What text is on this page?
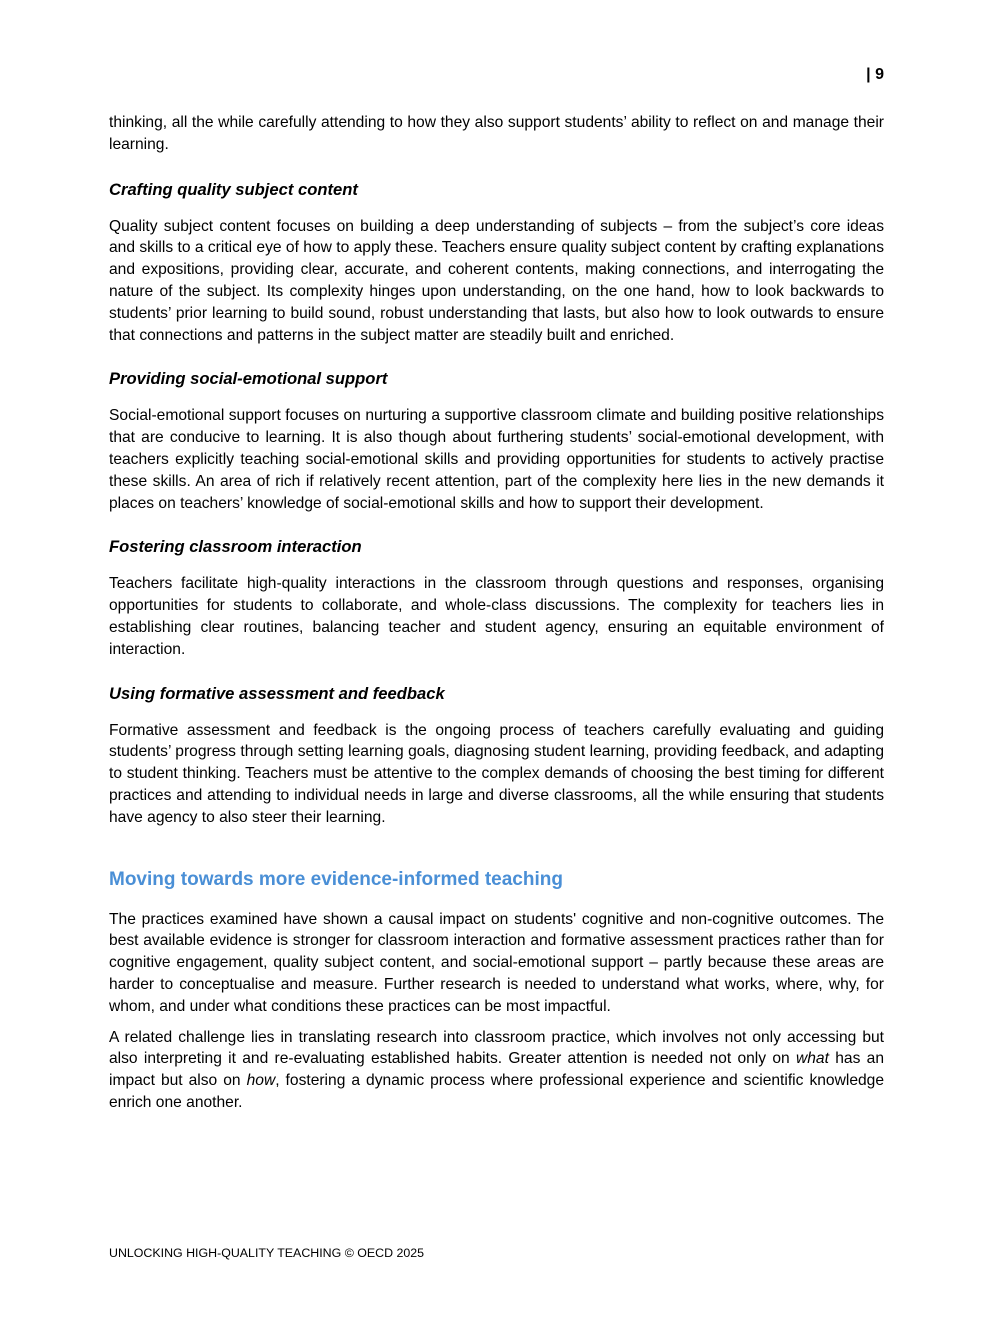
| 9

thinking, all the while carefully attending to how they also support students’ ability to reflect on and manage their learning.

Crafting quality subject content

Quality subject content focuses on building a deep understanding of subjects – from the subject’s core ideas and skills to a critical eye of how to apply these. Teachers ensure quality subject content by crafting explanations and expositions, providing clear, accurate, and coherent contents, making connections, and interrogating the nature of the subject. Its complexity hinges upon understanding, on the one hand, how to look backwards to students’ prior learning to build sound, robust understanding that lasts, but also how to look outwards to ensure that connections and patterns in the subject matter are steadily built and enriched.

Providing social-emotional support

Social-emotional support focuses on nurturing a supportive classroom climate and building positive relationships that are conducive to learning. It is also though about furthering students’ social-emotional development, with teachers explicitly teaching social-emotional skills and providing opportunities for students to actively practise these skills. An area of rich if relatively recent attention, part of the complexity here lies in the new demands it places on teachers’ knowledge of social-emotional skills and how to support their development.

Fostering classroom interaction

Teachers facilitate high-quality interactions in the classroom through questions and responses, organising opportunities for students to collaborate, and whole-class discussions. The complexity for teachers lies in establishing clear routines, balancing teacher and student agency, ensuring an equitable environment of interaction.

Using formative assessment and feedback

Formative assessment and feedback is the ongoing process of teachers carefully evaluating and guiding students’ progress through setting learning goals, diagnosing student learning, providing feedback, and adapting to student thinking. Teachers must be attentive to the complex demands of choosing the best timing for different practices and attending to individual needs in large and diverse classrooms, all the while ensuring that students have agency to also steer their learning.

Moving towards more evidence-informed teaching

The practices examined have shown a causal impact on students' cognitive and non-cognitive outcomes. The best available evidence is stronger for classroom interaction and formative assessment practices rather than for cognitive engagement, quality subject content, and social-emotional support – partly because these areas are harder to conceptualise and measure. Further research is needed to understand what works, where, why, for whom, and under what conditions these practices can be most impactful.

A related challenge lies in translating research into classroom practice, which involves not only accessing but also interpreting it and re-evaluating established habits. Greater attention is needed not only on what has an impact but also on how, fostering a dynamic process where professional experience and scientific knowledge enrich one another.

UNLOCKING HIGH-QUALITY TEACHING © OECD 2025
